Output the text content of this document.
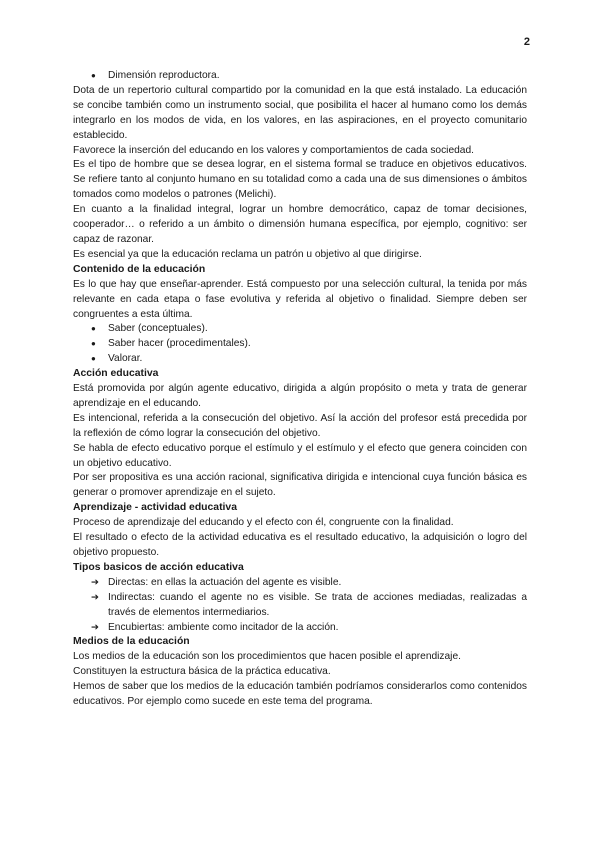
2
● Dimensión reproductora.

Dota de un repertorio cultural compartido por la comunidad en la que está instalado. La educación se concibe también como un instrumento social, que posibilita el hacer al humano como los demás integrarlo en los modos de vida, en los valores, en las aspiraciones, en el proyecto comunitario establecido.

Favorece la inserción del educando en los valores y comportamientos de cada sociedad.

Es el tipo de hombre que se desea lograr, en el sistema formal se traduce en objetivos educativos. Se refiere tanto al conjunto humano en su totalidad como a cada una de sus dimensiones o ámbitos tomados como modelos o patrones (Melichi).

En cuanto a la finalidad integral, lograr un hombre democrático, capaz de tomar decisiones, cooperador… o referido a un ámbito o dimensión humana específica, por ejemplo, cognitivo: ser capaz de razonar.

Es esencial ya que la educación reclama un patrón u objetivo al que dirigirse.

Contenido de la educación

Es lo que hay que enseñar-aprender. Está compuesto por una selección cultural, la tenida por más relevante en cada etapa o fase evolutiva y referida al objetivo o finalidad. Siempre deben ser congruentes a esta última.

● Saber (conceptuales).
● Saber hacer (procedimentales).
● Valorar.
Acción educativa

Está promovida por algún agente educativo, dirigida a algún propósito o meta y trata de generar aprendizaje en el educando.

Es intencional, referida a la consecución del objetivo. Así la acción del profesor está precedida por la reflexión de cómo lograr la consecución del objetivo.

Se habla de efecto educativo porque el estímulo y el estímulo y el efecto que genera coinciden con un objetivo educativo.

Por ser propositiva es una acción racional, significativa dirigida e intencional cuya función básica es generar o promover aprendizaje en el sujeto.

Aprendizaje - actividad educativa

Proceso de aprendizaje del educando y el efecto con él, congruente con la finalidad.

El resultado o efecto de la actividad educativa es el resultado educativo, la adquisición o logro del objetivo propuesto.

Tipos basicos de acción educativa
➔ Directas: en ellas la actuación del agente es visible.
➔ Indirectas: cuando el agente no es visible. Se trata de acciones mediadas, realizadas a través de elementos intermediarios.
➔ Encubiertas: ambiente como incitador de la acción.
Medios de la educación

Los medios de la educación son los procedimientos que hacen posible el aprendizaje.

Constituyen la estructura básica de la práctica educativa.

Hemos de saber que los medios de la educación también podríamos considerarlos como contenidos educativos. Por ejemplo como sucede en este tema del programa.
